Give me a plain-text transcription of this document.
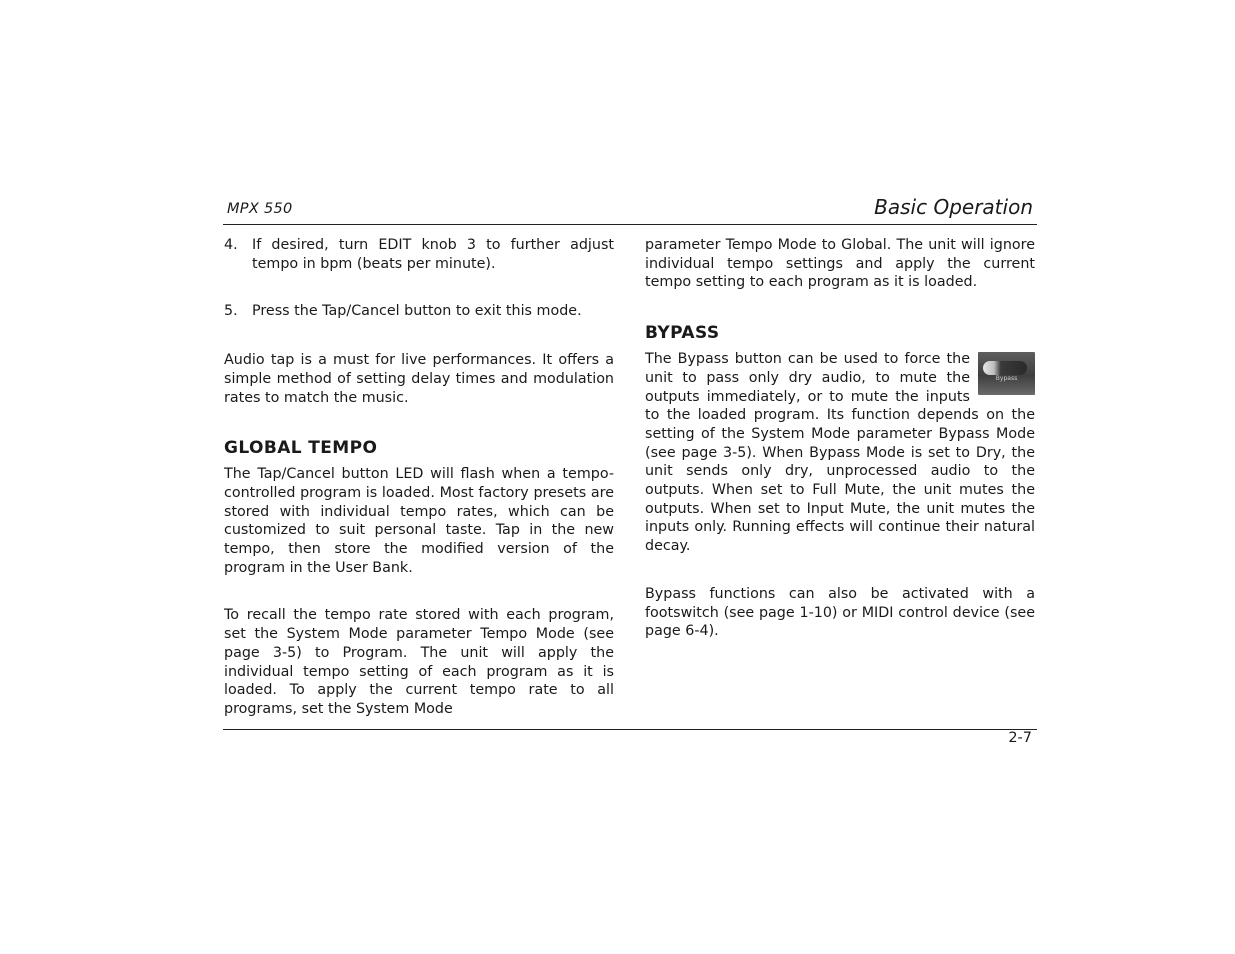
MPX 550	Basic Operation
4.	If desired, turn EDIT knob 3 to further adjust tempo in bpm (beats per minute).
5.	Press the Tap/Cancel button to exit this mode.

Audio tap is a must for live performances. It offers a simple method of setting delay times and modulation rates to match the music.

GLOBAL TEMPO

The Tap/Cancel button LED will flash when a tempo-controlled program is loaded. Most factory presets are stored with individual tempo rates, which can be customized to suit personal taste. Tap in the new tempo, then store the modified version of the program in the User Bank.

To recall the tempo rate stored with each program, set the System Mode parameter Tempo Mode (see page 3-5) to Program. The unit will apply the individual tempo setting of each program as it is loaded. To apply the current tempo rate to all programs, set the System Mode

parameter Tempo Mode to Global. The unit will ignore individual tempo settings and apply the current tempo setting to each program as it is loaded.

BYPASS
Bypass

The Bypass button can be used to force the unit to pass only dry audio, to mute the outputs immediately, or to mute the inputs to the loaded program. Its function depends on the setting of the System Mode parameter Bypass Mode (see page 3-5). When Bypass Mode is set to Dry, the unit sends only dry, unprocessed audio to the outputs. When set to Full Mute, the unit mutes the outputs. When set to Input Mute, the unit mutes the inputs only. Running effects will continue their natural decay.

Bypass functions can also be activated with a footswitch (see page 1-10) or MIDI control device (see page 6-4).

2-7
